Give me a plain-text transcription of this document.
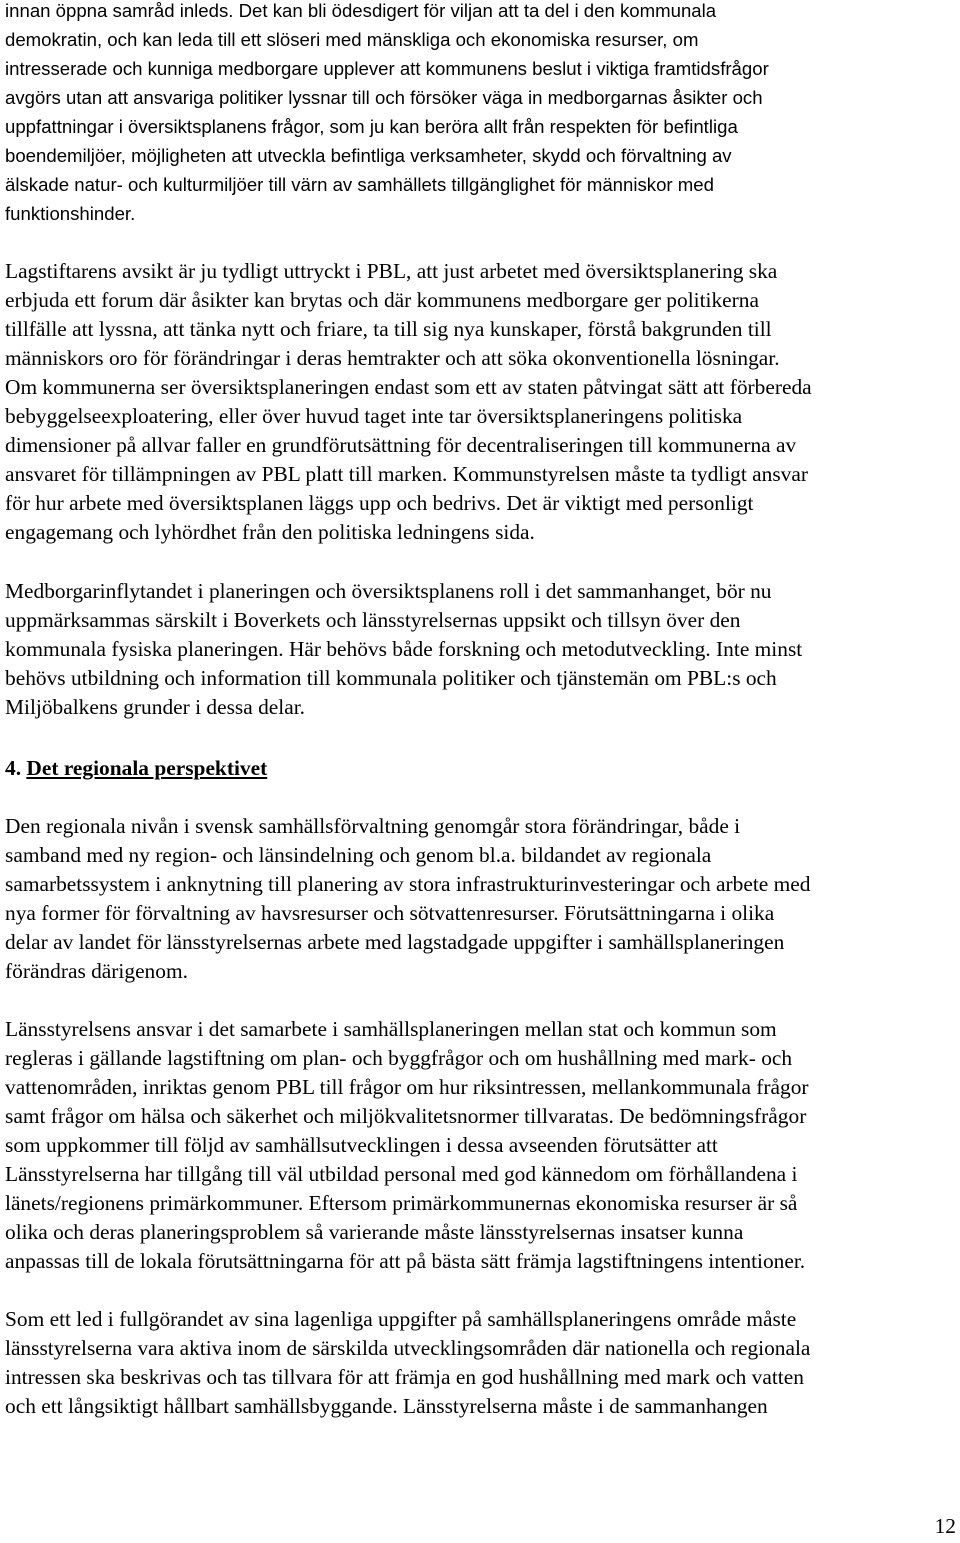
innan öppna samråd inleds. Det kan bli ödesdigert för viljan att ta del i den kommunala

demokratin, och kan leda till ett slöseri med mänskliga och ekonomiska resurser, om

intresserade och kunniga medborgare upplever att kommunens beslut i viktiga framtidsfrågor

avgörs utan att ansvariga politiker lyssnar till och försöker väga in medborgarnas åsikter och

uppfattningar i översiktsplanens frågor, som ju kan beröra allt från respekten för befintliga

boendemiljöer, möjligheten att utveckla befintliga verksamheter, skydd och förvaltning av

älskade natur- och kulturmiljöer till värn av samhällets tillgänglighet för människor med

funktionshinder.

Lagstiftarens avsikt är ju tydligt uttryckt i PBL, att just arbetet med översiktsplanering ska

erbjuda ett forum där åsikter kan brytas och där kommunens medborgare ger politikerna

tillfälle att lyssna, att tänka nytt och friare, ta till sig nya kunskaper, förstå bakgrunden till

människors oro för förändringar i deras hemtrakter och att söka okonventionella lösningar.

Om kommunerna ser översiktsplaneringen endast som ett av staten påtvingat sätt att förbereda

bebyggelseexploatering, eller över huvud taget inte tar översiktsplaneringens politiska

dimensioner på allvar faller en grundförutsättning för decentraliseringen till kommunerna av

ansvaret för tillämpningen av PBL platt till marken. Kommunstyrelsen måste ta tydligt ansvar

för hur arbete med översiktsplanen läggs upp och bedrivs. Det är viktigt med personligt

engagemang och lyhördhet från den politiska ledningens sida.

Medborgarinflytandet i planeringen och översiktsplanens roll i det sammanhanget, bör nu

uppmärksammas särskilt i Boverkets och länsstyrelsernas uppsikt och tillsyn över den

kommunala fysiska planeringen. Här behövs både forskning och metodutveckling. Inte minst

behövs utbildning och information till kommunala politiker och tjänstemän om PBL:s och

Miljöbalkens grunder i dessa delar.

4. Det regionala perspektivet

Den regionala nivån i svensk samhällsförvaltning genomgår stora förändringar, både i

samband med ny region- och länsindelning och genom bl.a. bildandet av regionala

samarbetssystem i anknytning till planering av stora infrastrukturinvesteringar och arbete med

nya former för förvaltning av havsresurser och sötvattenresurser. Förutsättningarna i olika

delar av landet för länsstyrelsernas arbete med lagstadgade uppgifter i samhällsplaneringen

förändras därigenom.

Länsstyrelsens ansvar i det samarbete i samhällsplaneringen mellan stat och kommun som

regleras i gällande lagstiftning om plan- och byggfrågor och om hushållning med mark- och

vattenområden, inriktas genom PBL till frågor om hur riksintressen, mellankommunala frågor

samt frågor om hälsa och säkerhet och miljökvalitetsnormer tillvaratas. De bedömningsfrågor

som uppkommer till följd av samhällsutvecklingen i dessa avseenden förutsätter att

Länsstyrelserna har tillgång till väl utbildad personal med god kännedom om förhållandena i

länets/regionens primärkommuner. Eftersom primärkommunernas ekonomiska resurser är så

olika och deras planeringsproblem så varierande måste länsstyrelsernas insatser kunna

anpassas till de lokala förutsättningarna för att på bästa sätt främja lagstiftningens intentioner.

Som ett led i fullgörandet av sina lagenliga uppgifter på samhällsplaneringens område måste

länsstyrelserna vara aktiva inom de särskilda utvecklingsområden där nationella och regionala

intressen ska beskrivas och tas tillvara för att främja en god hushållning med mark och vatten

och ett långsiktigt hållbart samhällsbyggande. Länsstyrelserna måste i de sammanhangen

12
